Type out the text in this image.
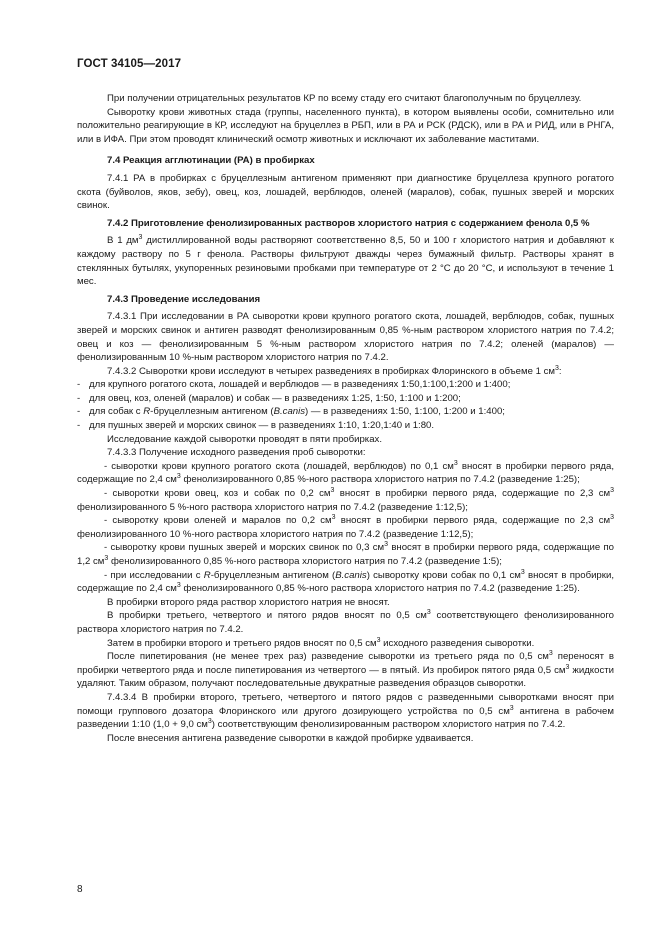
ГОСТ 34105—2017

При получении отрицательных результатов КР по всему стаду его считают благополучным по бруцеллезу.

Сыворотку крови животных стада (группы, населенного пункта), в котором выявлены особи, сомнительно или положительно реагирующие в КР, исследуют на бруцеллез в РБП, или в РА и РСК (РДСК), или в РА и РИД, или в РНГА, или в ИФА. При этом проводят клинический осмотр животных и исключают их заболевание маститами.

7.4 Реакция агглютинации (РА) в пробирках

7.4.1 РА в пробирках с бруцеллезным антигеном применяют при диагностике бруцеллеза крупного рогатого скота (буйволов, яков, зебу), овец, коз, лошадей, верблюдов, оленей (маралов), собак, пушных зверей и морских свинок.

7.4.2 Приготовление фенолизированных растворов хлористого натрия с содержанием фенола 0,5 %

В 1 $дм^3$ дистиллированной воды растворяют соответственно 8,5, 50 и 100 г хлористого натрия и добавляют к каждому раствору по 5 г фенола. Растворы фильтруют дважды через бумажный фильтр. Растворы хранят в стеклянных бутылях, укупоренных резиновыми пробками при температуре от 2 °С до 20 °С, и используют в течение 1 мес.

7.4.3 Проведение исследования

7.4.3.1 При исследовании в РА сыворотки крови крупного рогатого скота, лошадей, верблюдов, собак, пушных зверей и морских свинок и антиген разводят фенолизированным 0,85 %-ным раствором хлористого натрия по 7.4.2; овец и коз — фенолизированным 5 %-ным раствором хлористого натрия по 7.4.2; оленей (маралов) — фенолизированным 10 %-ным раствором хлористого натрия по 7.4.2.

7.4.3.2 Сыворотки крови исследуют в четырех разведениях в пробирках Флоринского в объеме 1 $см^3$:

- для крупного рогатого скота, лошадей и верблюдов — в разведениях 1:50,1:100,1:200 и 1:400;

- для овец, коз, оленей (маралов) и собак — в разведениях 1:25, 1:50, 1:100 и 1:200;

- для собак с R-бруцеллезным антигеном (B.canis) — в разведениях 1:50, 1:100, 1:200 и 1:400;

- для пушных зверей и морских свинок — в разведениях 1:10, 1:20,1:40 и 1:80.

Исследование каждой сыворотки проводят в пяти пробирках.

7.4.3.3 Получение исходного разведения проб сыворотки:

- сыворотки крови крупного рогатого скота (лошадей, верблюдов) по 0,1 $см^3$ вносят в пробирки первого ряда, содержащие по 2,4 $см^3$ фенолизированного 0,85 %-ного раствора хлористого натрия по 7.4.2 (разведение 1:25);

- сыворотки крови овец, коз и собак по 0,2 $см^3$ вносят в пробирки первого ряда, содержащие по 2,3 $см^3$ фенолизированного 5 %-ного раствора хлористого натрия по 7.4.2 (разведение 1:12,5);

- сыворотку крови оленей и маралов по 0,2 $см^3$ вносят в пробирки первого ряда, содержащие по 2,3 $см^3$ фенолизированного 10 %-ного раствора хлористого натрия по 7.4.2 (разведение 1:12,5);

- сыворотку крови пушных зверей и морских свинок по 0,3 $см^3$ вносят в пробирки первого ряда, содержащие по 1,2 $см^3$ фенолизированного 0,85 %-ного раствора хлористого натрия по 7.4.2 (разведение 1:5);

- при исследовании с R-бруцеллезным антигеном (B.canis) сыворотку крови собак по 0,1 $см^3$ вносят в пробирки, содержащие по 2,4 $см^3$ фенолизированного 0,85 %-ного раствора хлористого натрия по 7.4.2 (разведение 1:25).

В пробирки второго ряда раствор хлористого натрия не вносят.

В пробирки третьего, четвертого и пятого рядов вносят по 0,5 $см^3$ соответствующего фенолизированного раствора хлористого натрия по 7.4.2.

Затем в пробирки второго и третьего рядов вносят по 0,5 $см^3$ исходного разведения сыворотки.

После пипетирования (не менее трех раз) разведение сыворотки из третьего ряда по 0,5 $см^3$ переносят в пробирки четвертого ряда и после пипетирования из четвертого — в пятый. Из пробирок пятого ряда 0,5 $см^3$ жидкости удаляют. Таким образом, получают последовательные двукратные разведения образцов сыворотки.

7.4.3.4 В пробирки второго, третьего, четвертого и пятого рядов с разведенными сыворотками вносят при помощи группового дозатора Флоринского или другого дозирующего устройства по 0,5 $см^3$ антигена в рабочем разведении 1:10 (1,0 + 9,0 $см^3$) соответствующим фенолизированным раствором хлористого натрия по 7.4.2.

После внесения антигена разведение сыворотки в каждой пробирке удваивается.

8
